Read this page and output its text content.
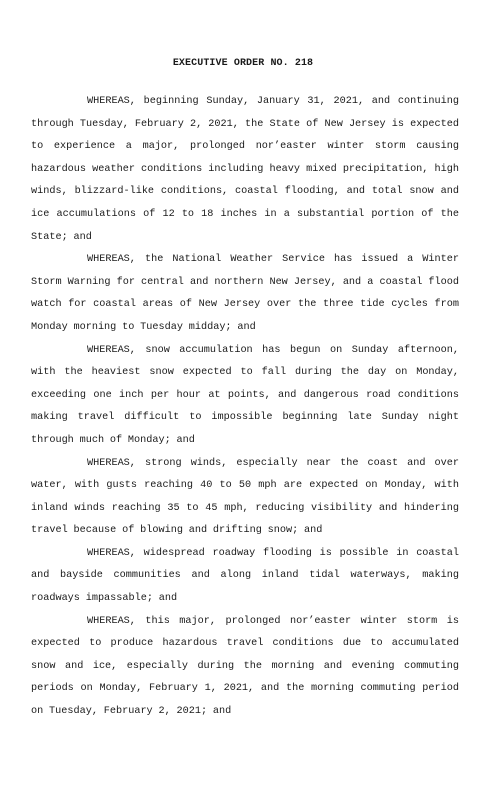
EXECUTIVE ORDER NO. 218

WHEREAS, beginning Sunday, January 31, 2021, and continuing through Tuesday, February 2, 2021, the State of New Jersey is expected to experience a major, prolonged nor’easter winter storm causing hazardous weather conditions including heavy mixed precipitation, high winds, blizzard-like conditions, coastal flooding, and total snow and ice accumulations of 12 to 18 inches in a substantial portion of the State; and

WHEREAS, the National Weather Service has issued a Winter Storm Warning for central and northern New Jersey, and a coastal flood watch for coastal areas of New Jersey over the three tide cycles from Monday morning to Tuesday midday; and

WHEREAS, snow accumulation has begun on Sunday afternoon, with the heaviest snow expected to fall during the day on Monday, exceeding one inch per hour at points, and dangerous road conditions making travel difficult to impossible beginning late Sunday night through much of Monday; and

WHEREAS, strong winds, especially near the coast and over water, with gusts reaching 40 to 50 mph are expected on Monday, with inland winds reaching 35 to 45 mph, reducing visibility and hindering travel because of blowing and drifting snow; and

WHEREAS, widespread roadway flooding is possible in coastal and bayside communities and along inland tidal waterways, making roadways impassable; and

WHEREAS, this major, prolonged nor’easter winter storm is expected to produce hazardous travel conditions due to accumulated snow and ice, especially during the morning and evening commuting periods on Monday, February 1, 2021, and the morning commuting period on Tuesday, February 2, 2021; and
